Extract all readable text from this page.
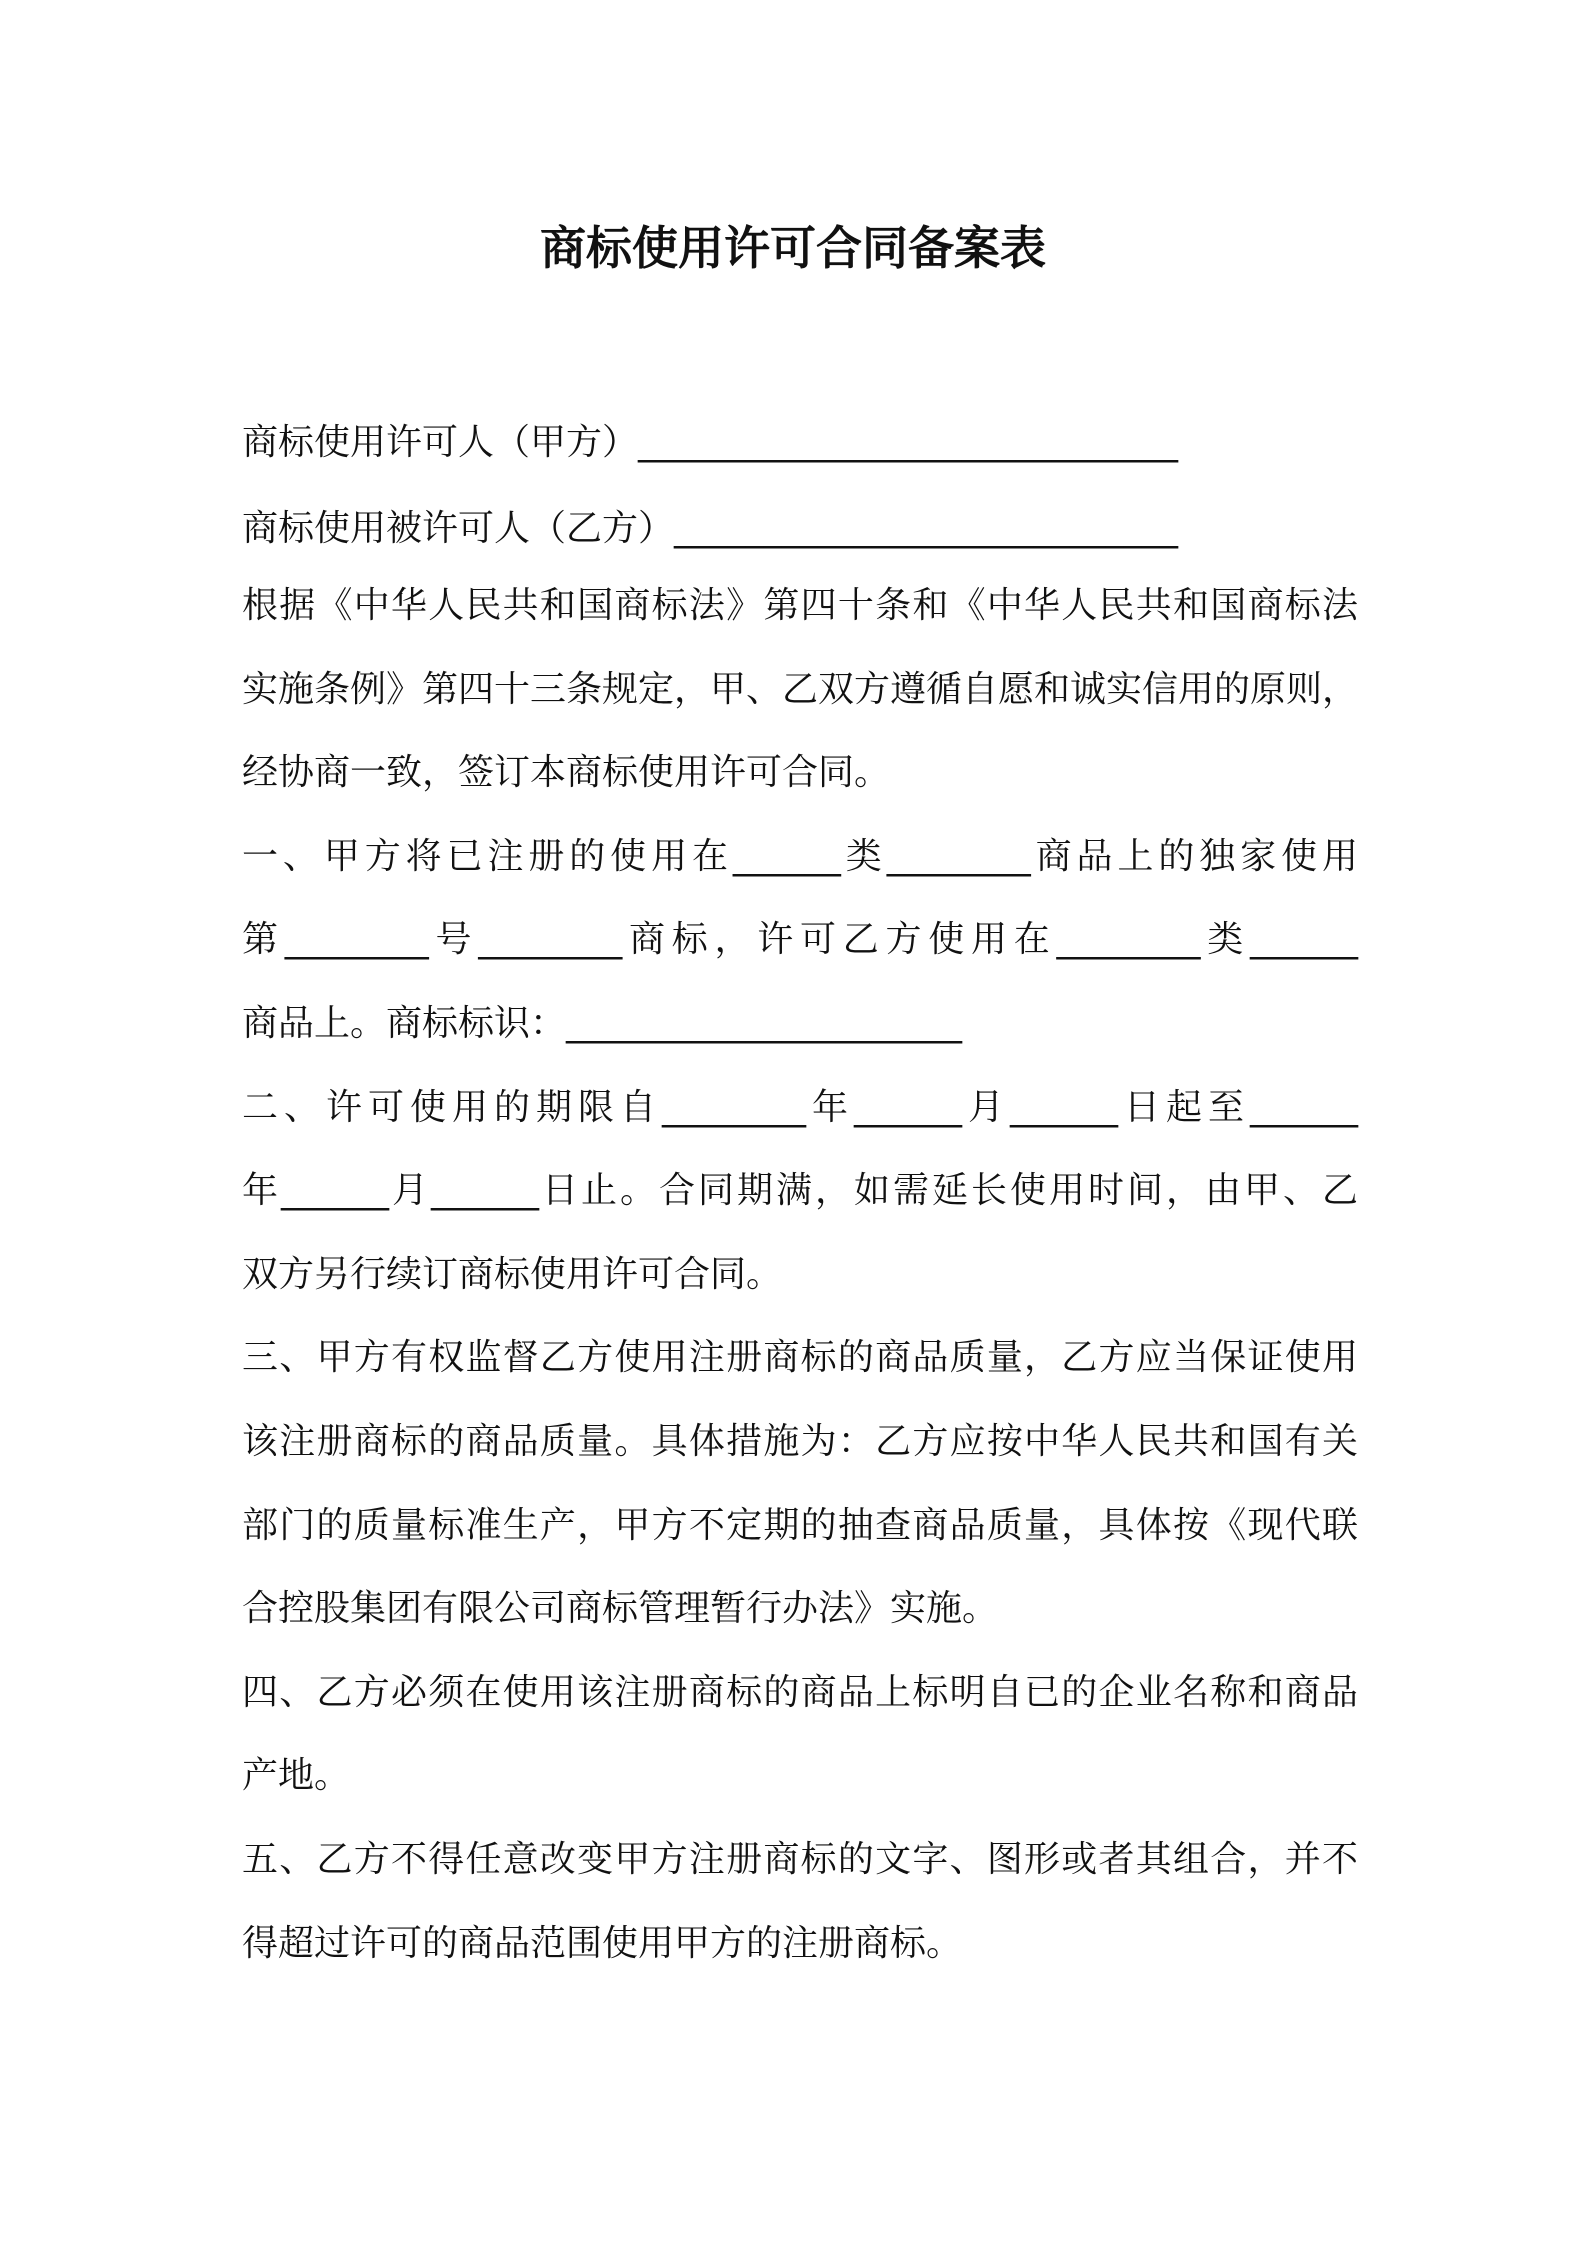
商标使用许可合同备案表
商标使用许可人（甲方）______________________________
商标使用被许可人（乙方）____________________________
根据《中华人民共和国商标法》第四十条和《中华人民共和国商标法
实施条例》第四十三条规定，甲、乙双方遵循自愿和诚实信用的原则，
经协商一致，签订本商标使用许可合同。
一、甲方将已注册的使用在______类________商品上的独家使用
第________号________商标，许可乙方使用在________类______
商品上。商标标识：______________________
二、许可使用的期限自________年______月______日起至______
年______月______日止。合同期满，如需延长使用时间，由甲、乙
双方另行续订商标使用许可合同。
三、甲方有权监督乙方使用注册商标的商品质量，乙方应当保证使用
该注册商标的商品质量。具体措施为：乙方应按中华人民共和国有关
部门的质量标准生产，甲方不定期的抽查商品质量，具体按《现代联
合控股集团有限公司商标管理暂行办法》实施。
四、乙方必须在使用该注册商标的商品上标明自已的企业名称和商品
产地。
五、乙方不得任意改变甲方注册商标的文字、图形或者其组合，并不
得超过许可的商品范围使用甲方的注册商标。
